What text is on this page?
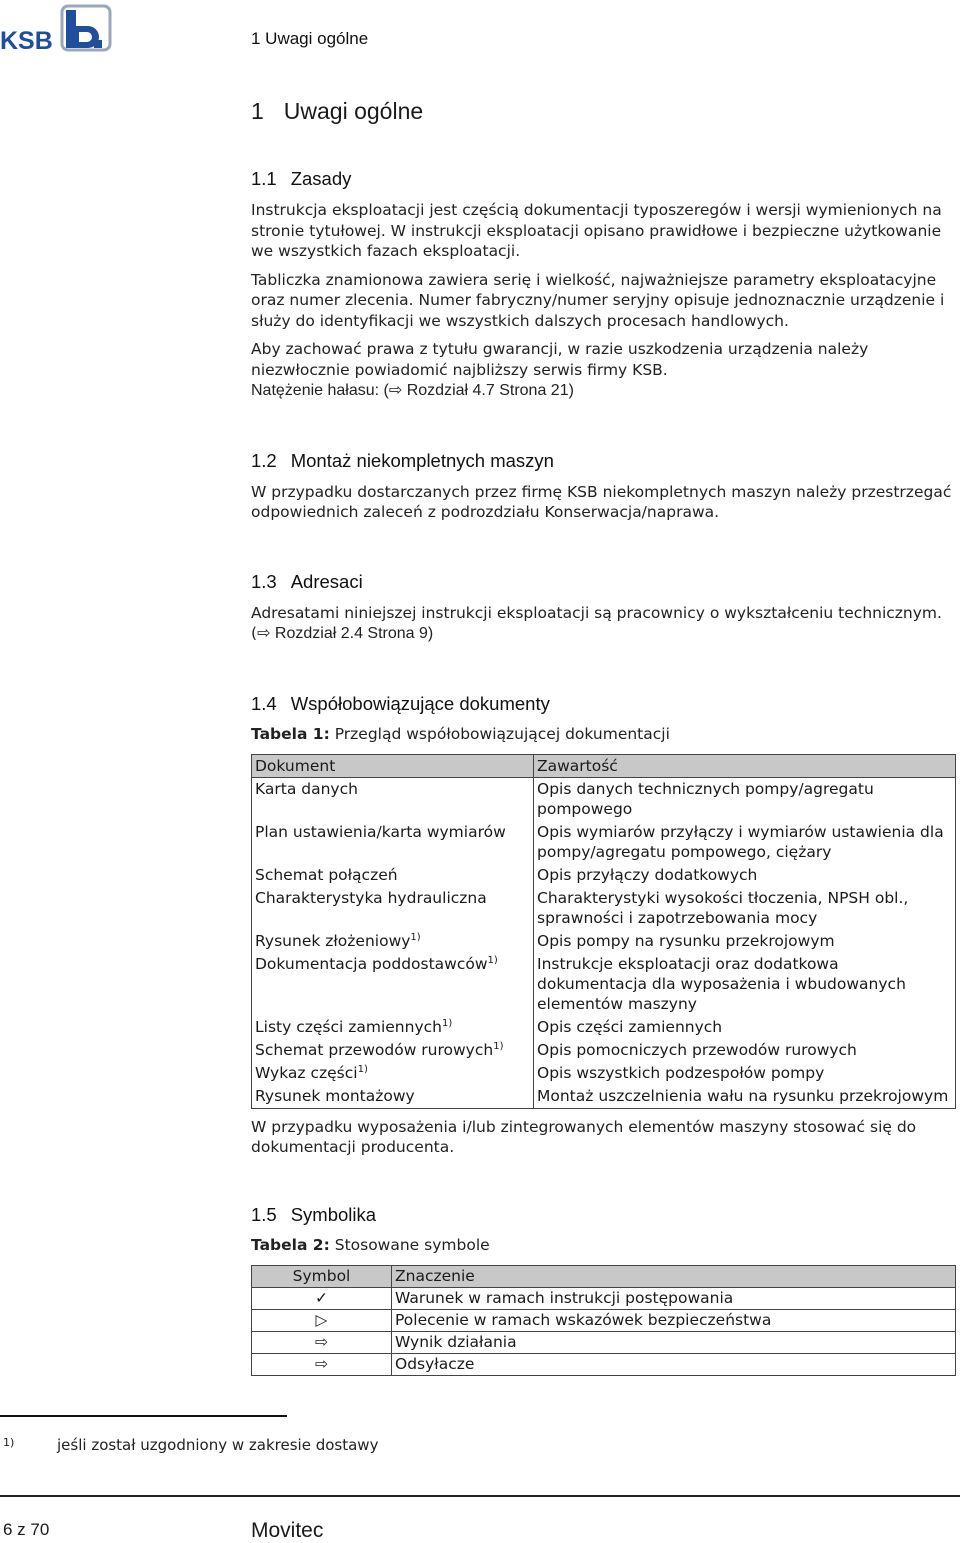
KSB	1 Uwagi ogólne
1 Uwagi ogólne
1.1 Zasady

Instrukcja eksploatacji jest częścią dokumentacji typoszeregów i wersji wymienionych na stronie tytułowej. W instrukcji eksploatacji opisano prawidłowe i bezpieczne użytkowanie we wszystkich fazach eksploatacji.

Tabliczka znamionowa zawiera serię i wielkość, najważniejsze parametry eksploatacyjne oraz numer zlecenia. Numer fabryczny/numer seryjny opisuje jednoznacznie urządzenie i służy do identyfikacji we wszystkich dalszych procesach handlowych.

Aby zachować prawa z tytułu gwarancji, w razie uszkodzenia urządzenia należy niezwłocznie powiadomić najbliższy serwis firmy KSB.

Natężenie hałasu: (⇨ Rozdział 4.7 Strona 21)

1.2 Montaż niekompletnych maszyn

W przypadku dostarczanych przez firmę KSB niekompletnych maszyn należy przestrzegać odpowiednich zaleceń z podrozdziału Konserwacja/naprawa.

1.3 Adresaci

Adresatami niniejszej instrukcji eksploatacji są pracownicy o wykształceniu technicznym.(⇨ Rozdział 2.4 Strona 9)

1.4 Współobowiązujące dokumenty
Tabela 1: Przegląd współobowiązującej dokumentacji
Dokument	Zawartość
Karta danych	Opis danych technicznych pompy/agregatu pompowego
Plan ustawienia/karta wymiarów	Opis wymiarów przyłączy i wymiarów ustawienia dla pompy/agregatu pompowego, ciężary
Schemat połączeń	Opis przyłączy dodatkowych
Charakterystyka hydrauliczna	Charakterystyki wysokości tłoczenia, NPSH obl., sprawności i zapotrzebowania mocy
Rysunek złożeniowy$^{1)}$	Opis pompy na rysunku przekrojowym
Dokumentacja poddostawców$^{1)}$	Instrukcje eksploatacji oraz dodatkowa dokumentacja dla wyposażenia i wbudowanych elementów maszyny
Listy części zamiennych$^{1)}$	Opis części zamiennych
Schemat przewodów rurowych$^{1)}$	Opis pomocniczych przewodów rurowych
Wykaz części$^{1)}$	Opis wszystkich podzespołów pompy
Rysunek montażowy	Montaż uszczelnienia wału na rysunku przekrojowym

W przypadku wyposażenia i/lub zintegrowanych elementów maszyny stosować się do dokumentacji producenta.

1.5 Symbolika
Tabela 2: Stosowane symbole
Symbol	Znaczenie
✓	Warunek w ramach instrukcji postępowania
▷	Polecenie w ramach wskazówek bezpieczeństwa
⇨	Wynik działania
⇨	Odsyłacze
1)	jeśli został uzgodniony w zakresie dostawy
6 z 70	Movitec
